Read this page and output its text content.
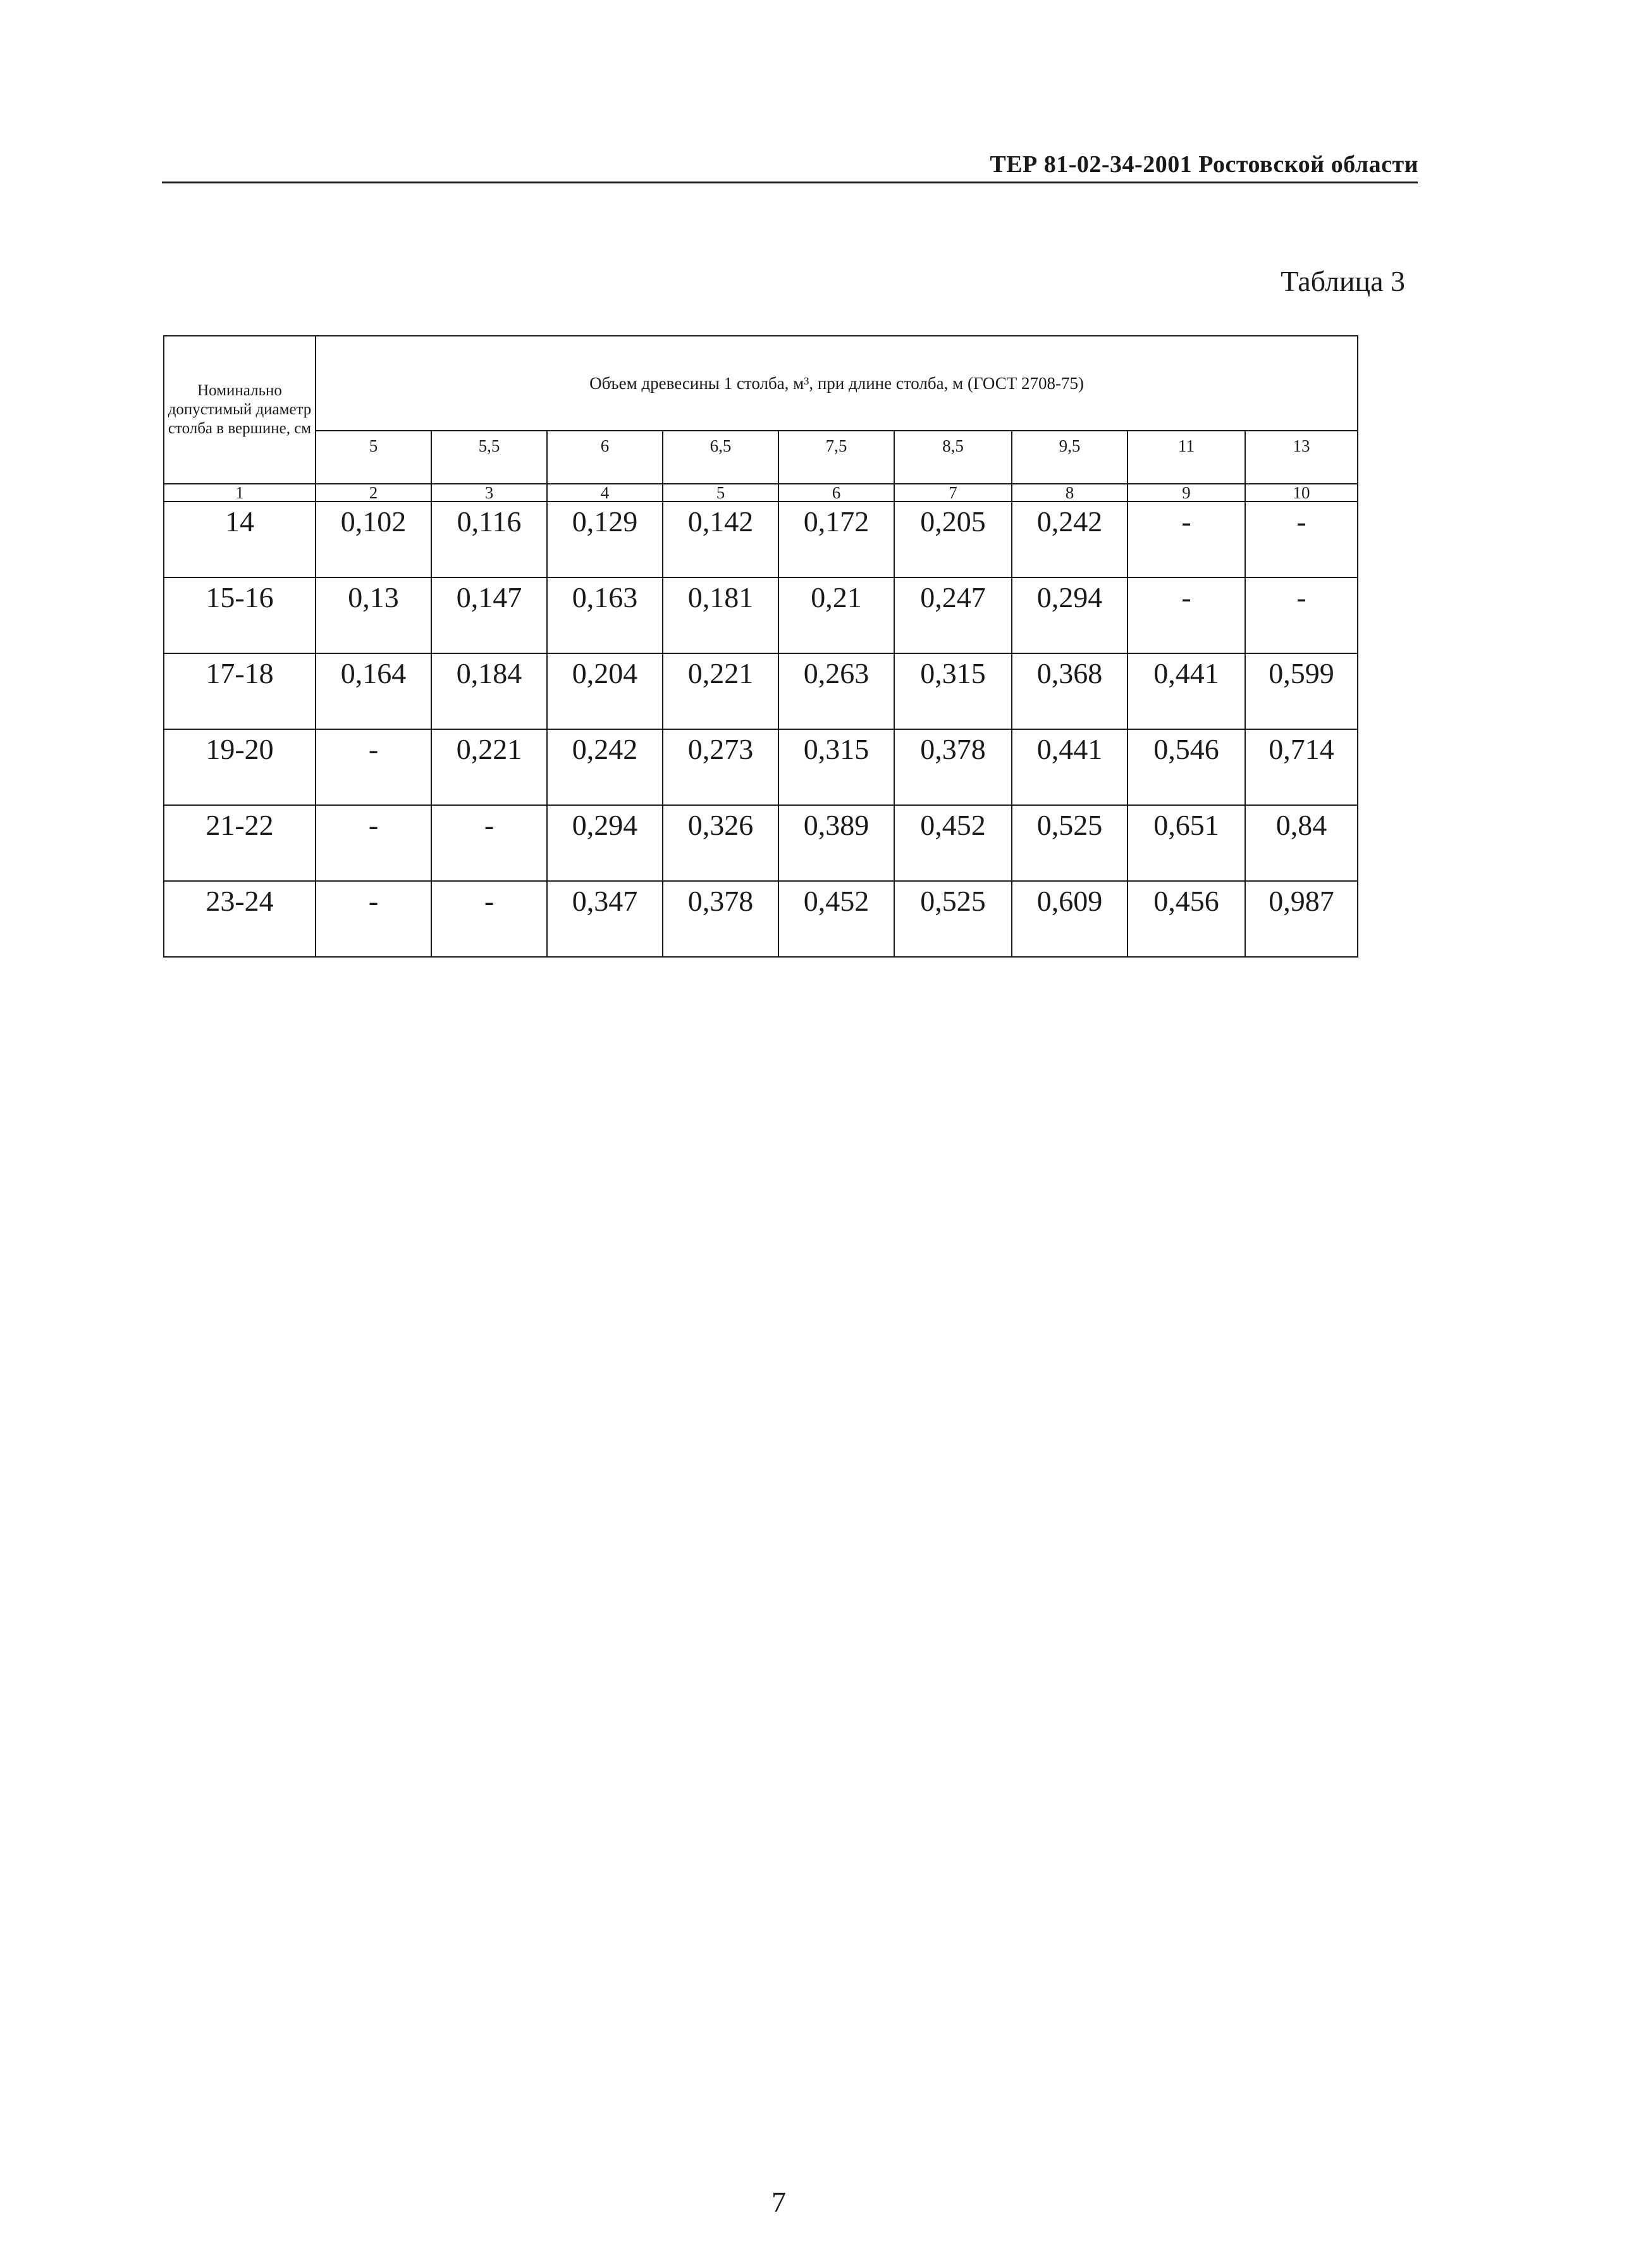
ТЕР 81-02-34-2001 Ростовской области
Таблица 3
Номинально допустимый диаметр столба в вершине, см	Объем древесины 1 столба, м³, при длине столба, м (ГОСТ 2708-75)								
	5	5,5	6	6,5	7,5	8,5	9,5	11	13
1	2	3	4	5	6	7	8	9	10
14	0,102	0,116	0,129	0,142	0,172	0,205	0,242	-	-
15-16	0,13	0,147	0,163	0,181	0,21	0,247	0,294	-	-
17-18	0,164	0,184	0,204	0,221	0,263	0,315	0,368	0,441	0,599
19-20	-	0,221	0,242	0,273	0,315	0,378	0,441	0,546	0,714
21-22	-	-	0,294	0,326	0,389	0,452	0,525	0,651	0,84
23-24	-	-	0,347	0,378	0,452	0,525	0,609	0,456	0,987
7
